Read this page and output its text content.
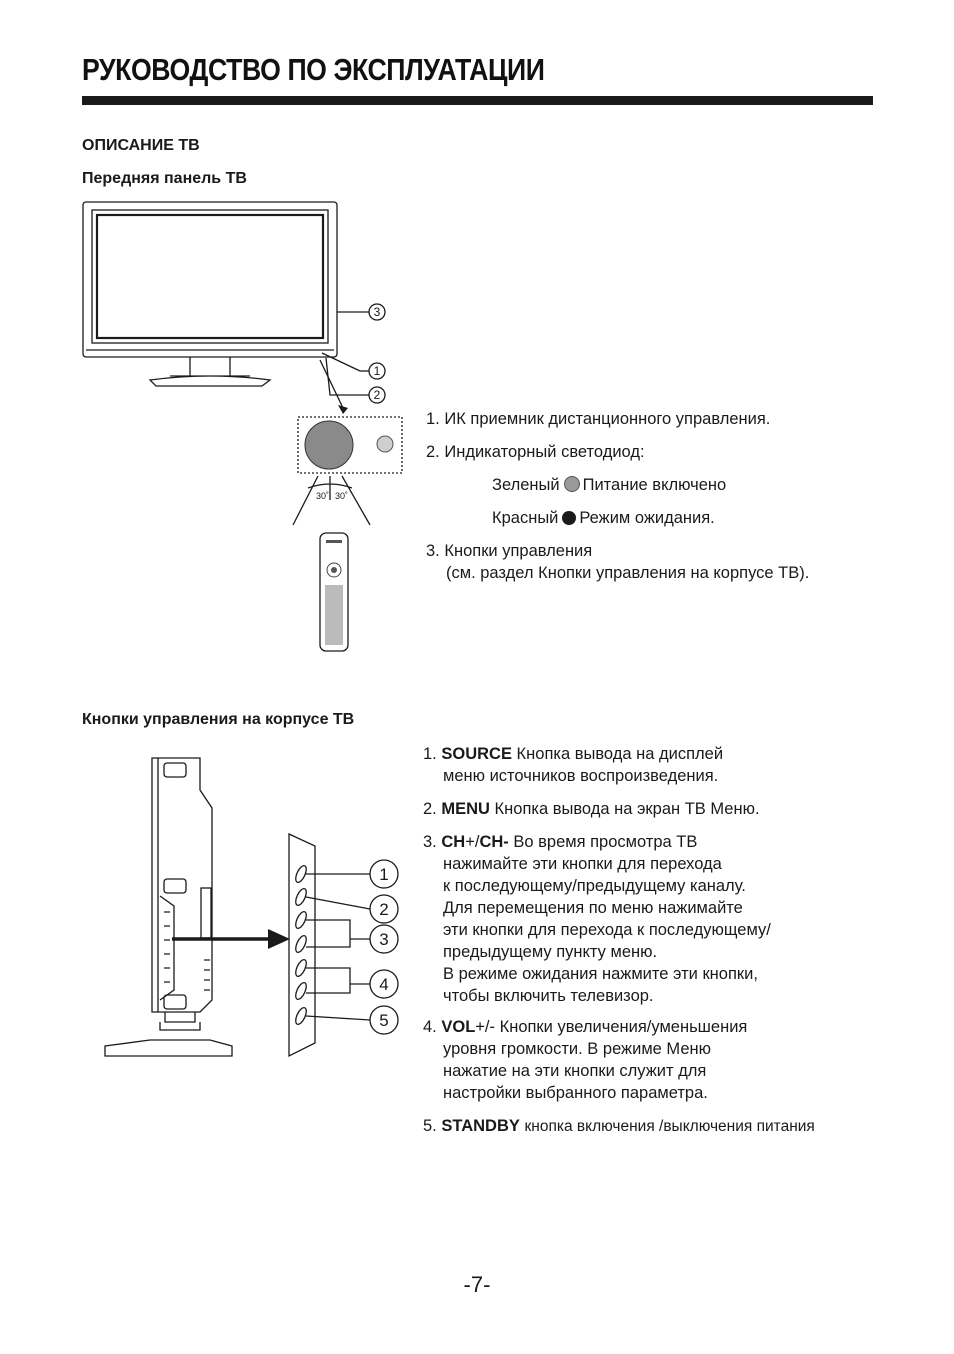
РУКОВОДСТВО ПО ЭКСПЛУАТАЦИИ
ОПИСАНИЕ ТВ
Передняя панель ТВ
3
1
2
30˚ 30˚
1. ИК приемник дистанционного управления.
2. Индикаторный светодиод:
Зеленый Питание включено
Красный Режим ожидания.
3. Кнопки управления
(см. раздел Кнопки управления на корпусе ТВ).
Кнопки управления на корпусе ТВ
1
2
3
4
5
1. SOURCE Кнопка вывода на дисплей
меню источников воспроизведения.
2. MENU Кнопка вывода на экран ТВ Меню.
3. CH+/CH- Во время просмотра ТВ
нажимайте эти кнопки для перехода
к последующему/предыдущему каналу.
Для перемещения по меню нажимайте
эти кнопки для перехода к последующему/
предыдущему пункту меню.
В режиме ожидания нажмите эти кнопки,
чтобы включить телевизор.
4. VOL+/- Кнопки увеличения/уменьшения
уровня громкости. В режиме Меню
нажатие на эти кнопки служит для
настройки выбранного параметра.
5. STANDBY кнопка включения /выключения питания
-7-
